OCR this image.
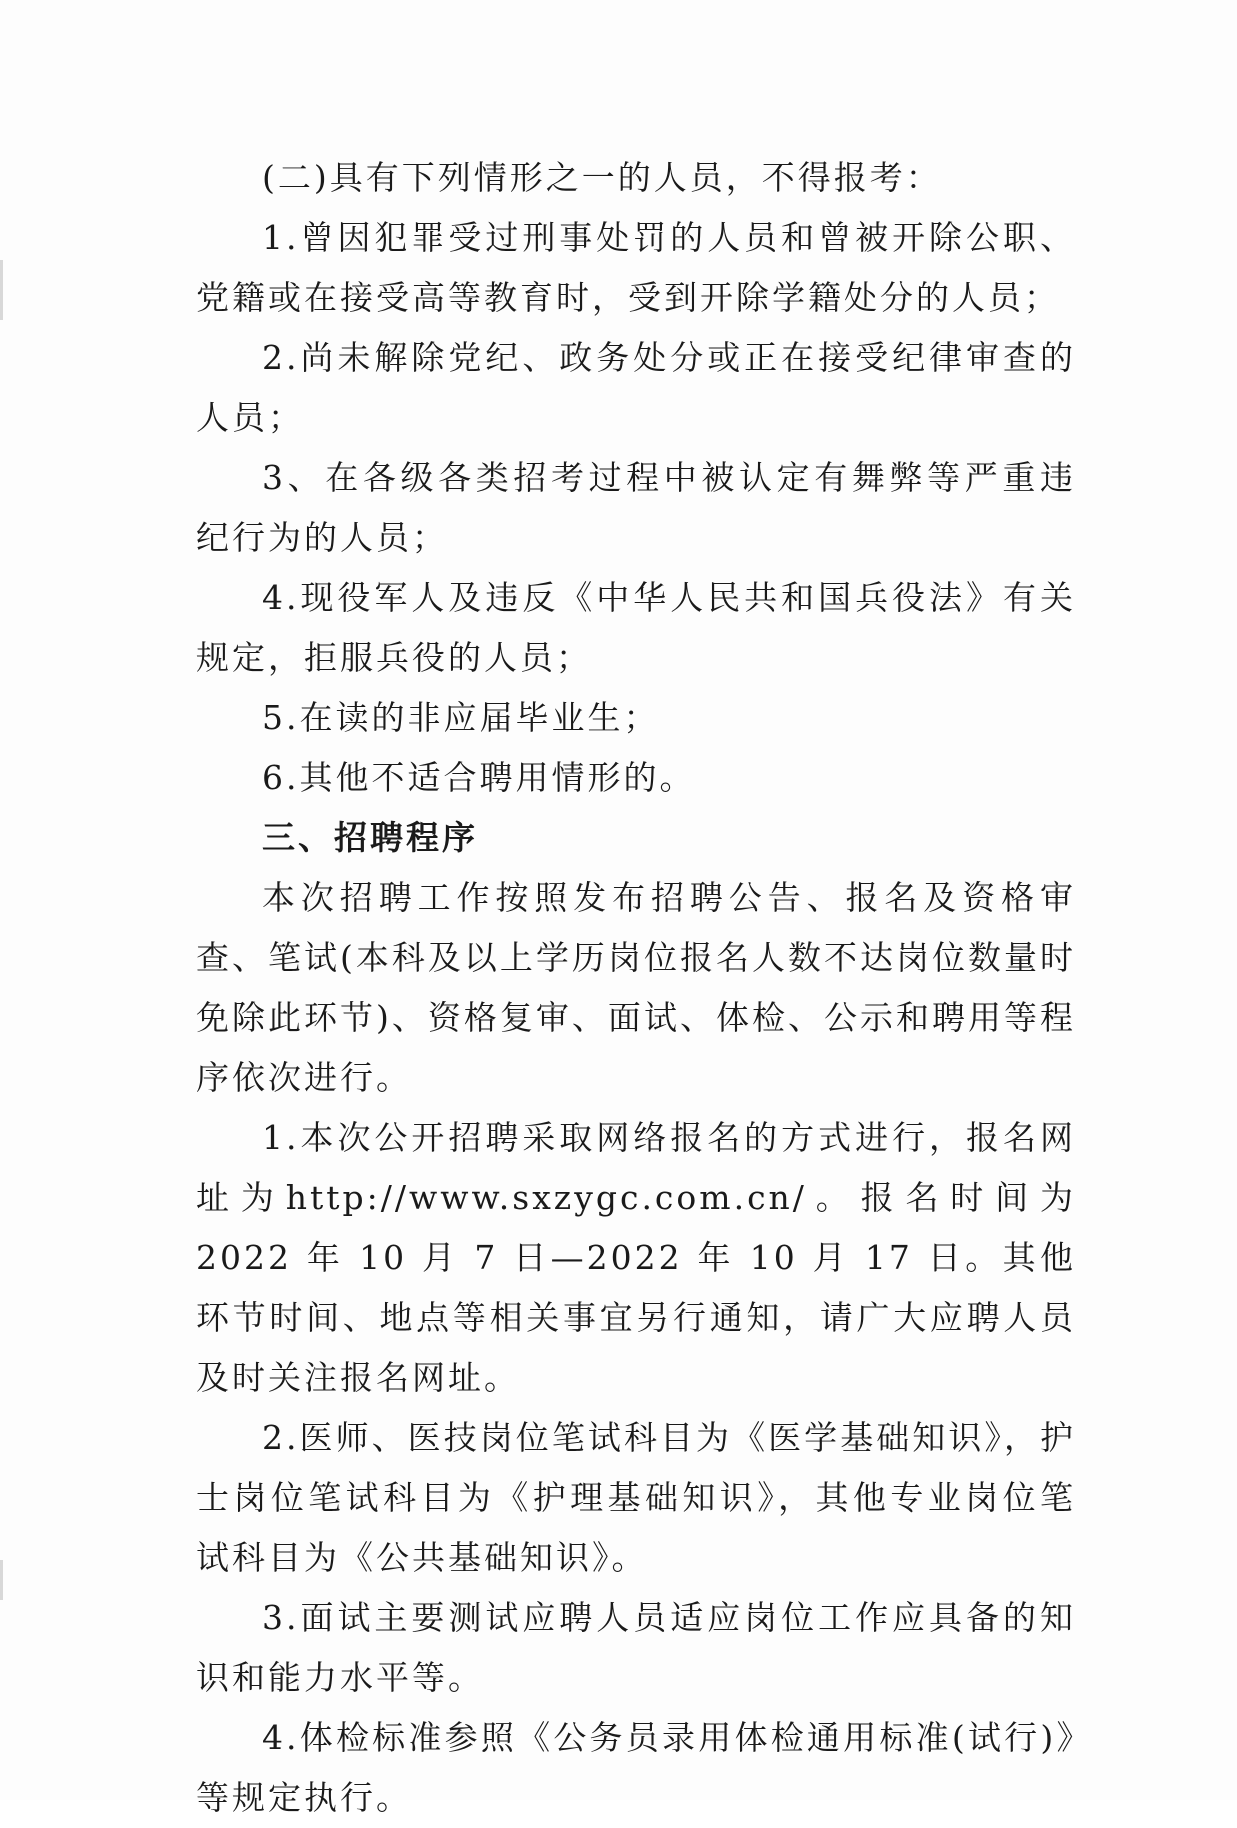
(二)具有下列情形之一的人员，不得报考：

1.曾因犯罪受过刑事处罚的人员和曾被开除公职、党籍或在接受高等教育时，受到开除学籍处分的人员；

2.尚未解除党纪、政务处分或正在接受纪律审查的人员；

3、在各级各类招考过程中被认定有舞弊等严重违纪行为的人员；

4.现役军人及违反《中华人民共和国兵役法》有关规定，拒服兵役的人员；

5.在读的非应届毕业生；

6.其他不适合聘用情形的。

三、招聘程序

本次招聘工作按照发布招聘公告、报名及资格审查、笔试(本科及以上学历岗位报名人数不达岗位数量时免除此环节)、资格复审、面试、体检、公示和聘用等程序依次进行。

1.本次公开招聘采取网络报名的方式进行，报名网址为http://www.sxzygc.com.cn/。报名时间为 2022 年 10 月 7 日—2022 年 10 月 17 日。其他环节时间、地点等相关事宜另行通知，请广大应聘人员及时关注报名网址。

2.医师、医技岗位笔试科目为《医学基础知识》，护士岗位笔试科目为《护理基础知识》，其他专业岗位笔试科目为《公共基础知识》。

3.面试主要测试应聘人员适应岗位工作应具备的知识和能力水平等。

4.体检标准参照《公务员录用体检通用标准(试行)》等规定执行。
